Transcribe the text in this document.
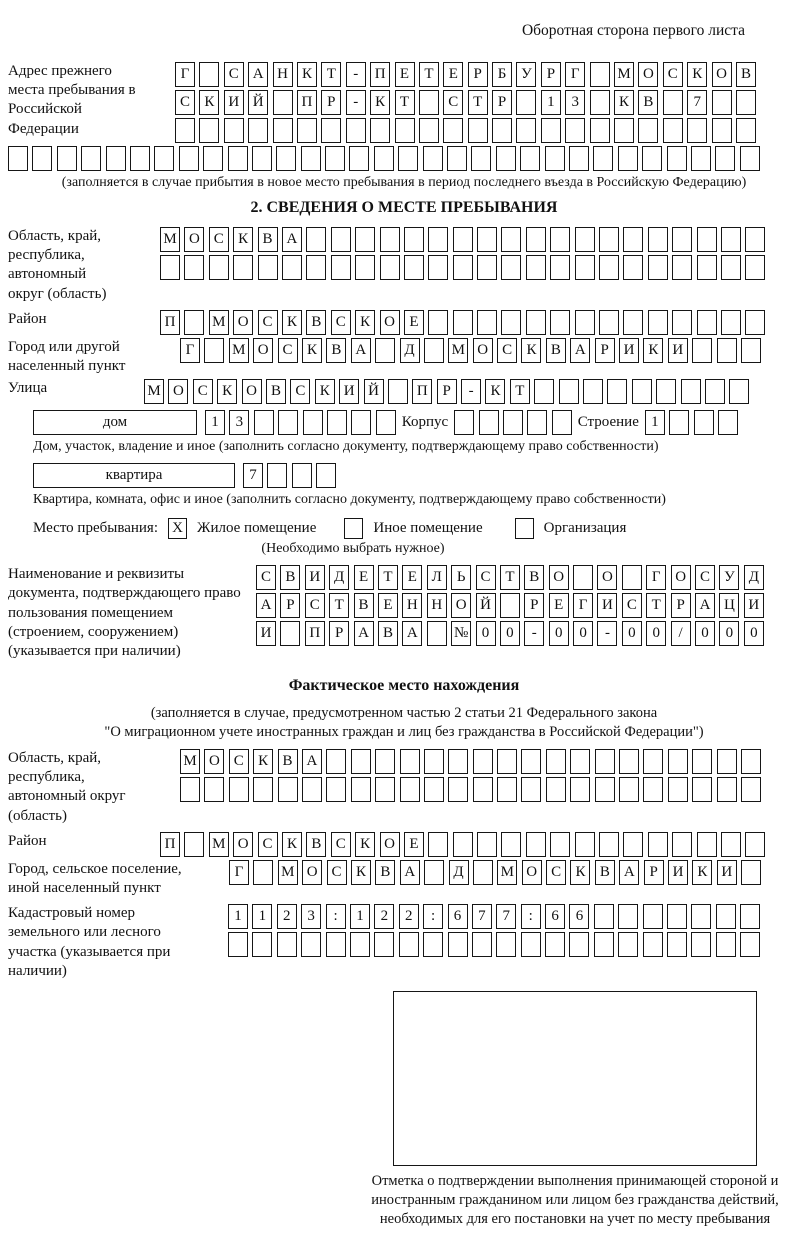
Оборотная сторона первого листа
Адрес прежнего места пребывания в Российской Федерации
Г	С А Н К Т	-	П Е	Т	Е	Р	Б У Р	Г	М О С К О В
С К И Й	П Р	-	К Т	С Т	Р	1	3	К В	7
(заполняется в случае прибытия в новое место пребывания в период последнего въезда в Российскую Федерацию)
2. СВЕДЕНИЯ О МЕСТЕ ПРЕБЫВАНИЯ
Область, край, республика, автономный округ (область)
М О С К В А
Район	П	М О С К В С К О Е
Город или другой населенный пункт
Г	М О С К В А	Д	М О С К В А Р И К И
Улица	М О С К О В С К И Й	П Р	-	К Т
дом	1	3	Корпус	Строение 1
Дом, участок, владение и иное (заполнить согласно документу, подтверждающему право собственности)
квартира	7
Квартира, комната, офис и иное (заполнить согласно документу, подтверждающему право собственности)
Место пребывания: X Жилое помещение	Иное помещение	Организация
(Необходимо выбрать нужное)
Наименование и реквизиты документа, подтверждающего право пользования помещением (строением, сооружением) (указывается при наличии)
С В И Д Е	Т	Е Л Ь	С Т В О	О	Г О С У Д
А Р	С Т В Е Н Н О Й	Р	Е	Г И С Т	Р А Ц И
И	П Р А В А	№ 0	0	-	0	0	-	0	0	/	0	0	0
Фактическое место нахождения
(заполняется в случае, предусмотренном частью 2 статьи 21 Федерального закона
"О миграционном учете иностранных граждан и лиц без гражданства в Российской Федерации")
Область, край, республика, автономный округ (область)
М О С К В А
Район	П	М О С К В С К О Е
Город, сельское поселение, иной населенный пункт
Г	М О С К В А	Д	М О С К В А Р И К И
Кадастровый номер земельного или лесного участка (указывается при наличии)
1	1	2	3	:	1	2	2	:	6	7	7	:	6	6
Отметка о подтверждении выполнения принимающей стороной и иностранным гражданином или лицом без гражданства действий, необходимых для его постановки на учет по месту пребывания
